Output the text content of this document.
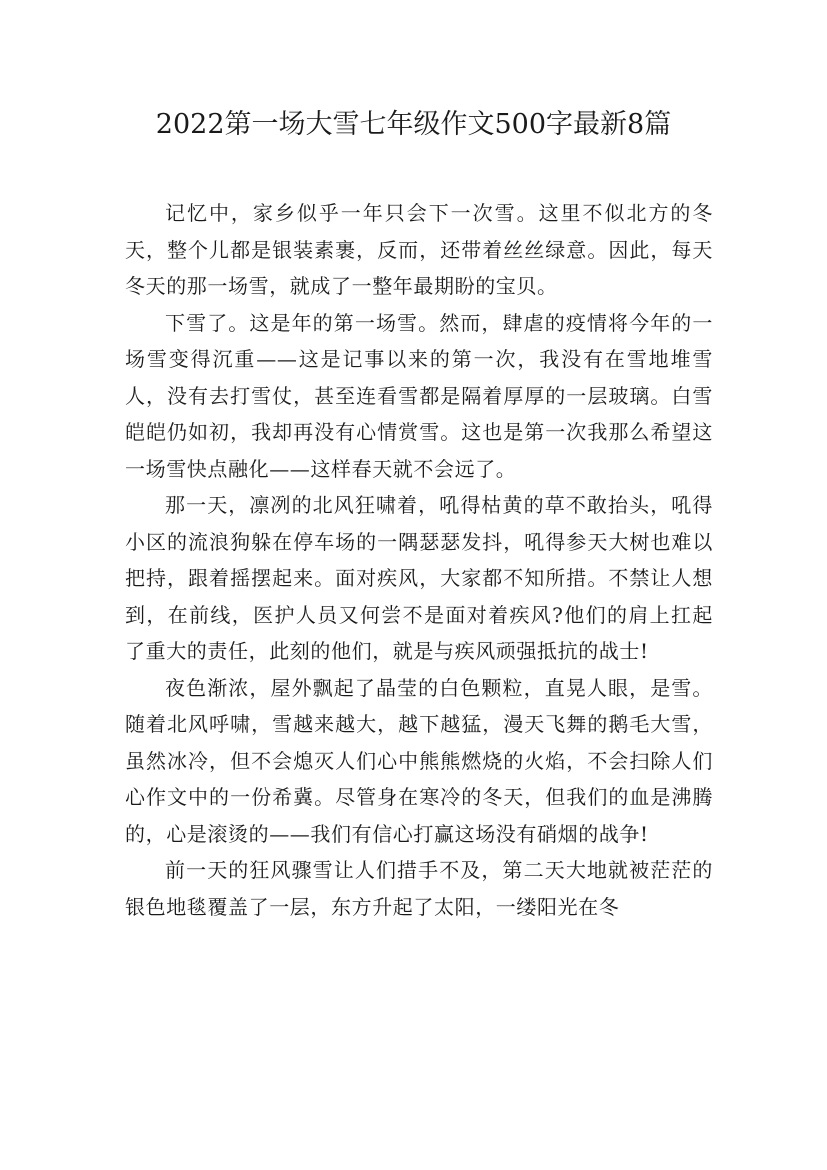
2022第一场大雪七年级作文500字最新8篇

记忆中，家乡似乎一年只会下一次雪。这里不似北方的冬天，整个儿都是银装素裹，反而，还带着丝丝绿意。因此，每天冬天的那一场雪，就成了一整年最期盼的宝贝。

下雪了。这是年的第一场雪。然而，肆虐的疫情将今年的一场雪变得沉重——这是记事以来的第一次，我没有在雪地堆雪人，没有去打雪仗，甚至连看雪都是隔着厚厚的一层玻璃。白雪皑皑仍如初，我却再没有心情赏雪。这也是第一次我那么希望这一场雪快点融化——这样春天就不会远了。

那一天，凛冽的北风狂啸着，吼得枯黄的草不敢抬头，吼得小区的流浪狗躲在停车场的一隅瑟瑟发抖，吼得参天大树也难以把持，跟着摇摆起来。面对疾风，大家都不知所措。不禁让人想到，在前线，医护人员又何尝不是面对着疾风?他们的肩上扛起了重大的责任，此刻的他们，就是与疾风顽强抵抗的战士!

夜色渐浓，屋外飘起了晶莹的白色颗粒，直晃人眼，是雪。随着北风呼啸，雪越来越大，越下越猛，漫天飞舞的鹅毛大雪，虽然冰冷，但不会熄灭人们心中熊熊燃烧的火焰，不会扫除人们心作文中的一份希冀。尽管身在寒冷的冬天，但我们的血是沸腾的，心是滚烫的——我们有信心打赢这场没有硝烟的战争!

前一天的狂风骤雪让人们措手不及，第二天大地就被茫茫的银色地毯覆盖了一层，东方升起了太阳，一缕阳光在冬
